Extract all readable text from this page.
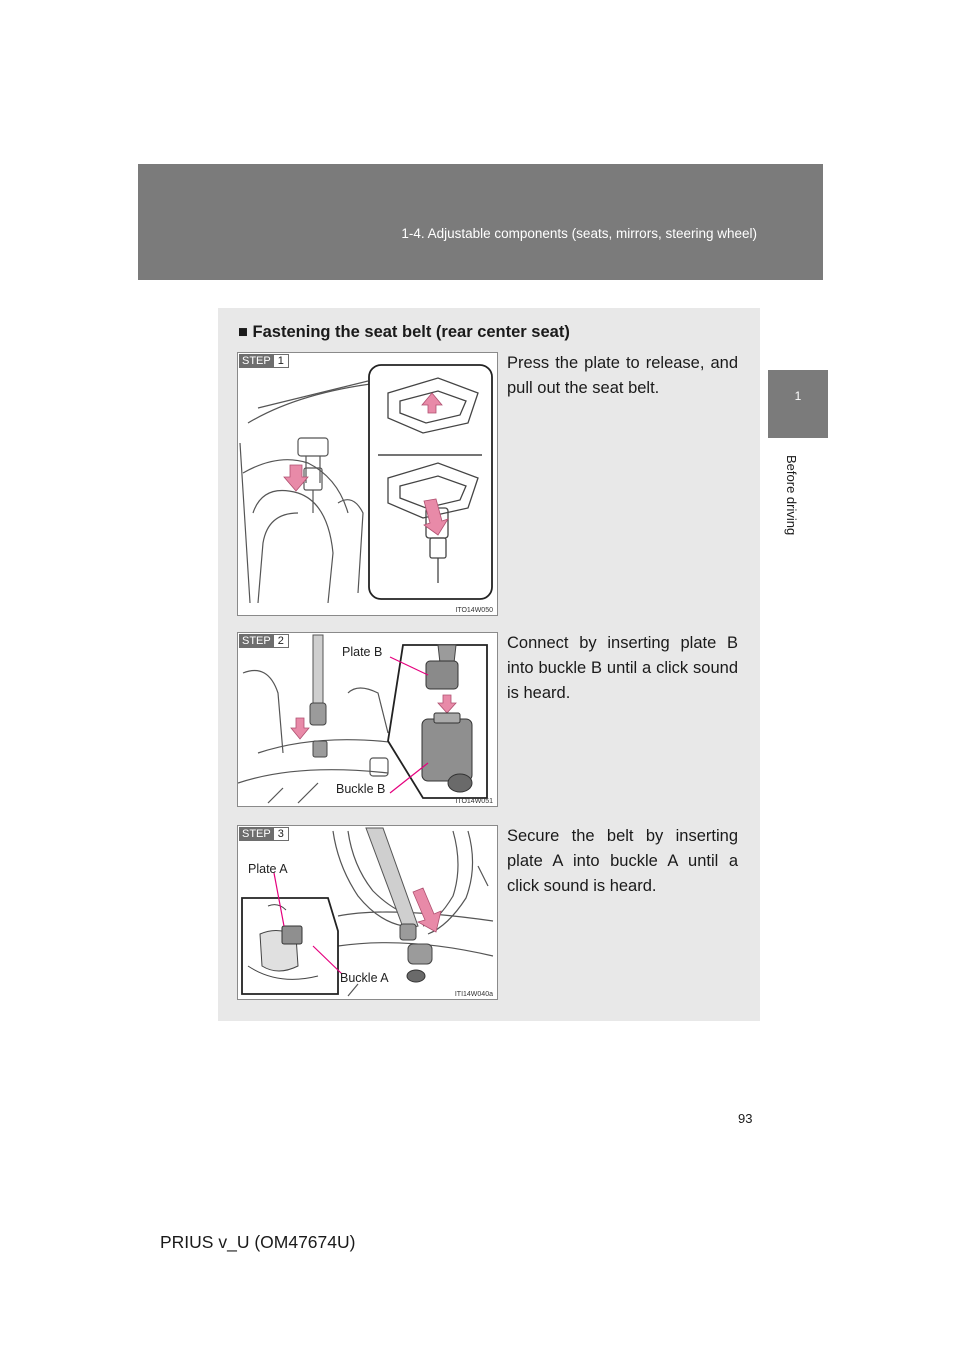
1-4. Adjustable components (seats, mirrors, steering wheel)
1
Before driving
■ Fastening the seat belt (rear center seat)
STEP 1
ITO14W050
Press the plate to release, and pull out the seat belt.
STEP 2
Plate B
Buckle B
ITO14W051
Connect by inserting plate B into buckle B until a click sound is heard.
STEP 3
Plate A
Buckle A
ITI14W040a
Secure the belt by inserting plate A into buckle A until a click sound is heard.
93
PRIUS v_U (OM47674U)
